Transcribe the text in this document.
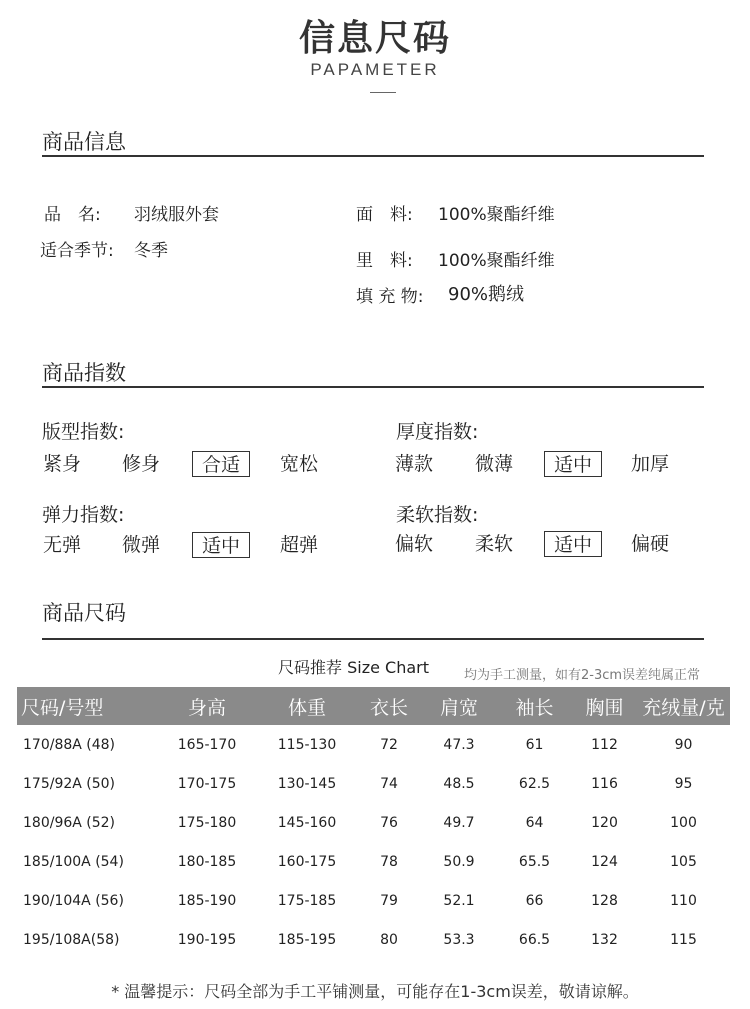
信息尺码
PAPAMETER
商品信息
品　名: 羽绒服外套
适合季节: 冬季
面　料: 100%聚酯纤维
里　料: 100%聚酯纤维
填 充 物: 90%鹅绒
商品指数
版型指数:
紧身	修身	合适	宽松
厚度指数:
薄款	微薄	适中	加厚
弹力指数:
无弹	微弹	适中	超弹
柔软指数:
偏软	柔软	适中	偏硬
商品尺码
尺码推荐 Size Chart	均为手工测量，如有2-3cm误差纯属正常
尺码/号型	身高	体重	衣长	肩宽	袖长	胸围	充绒量/克
170/88A (48)	165-170	115-130	72	47.3	61	112	90
175/92A (50)	170-175	130-145	74	48.5	62.5	116	95
180/96A (52)	175-180	145-160	76	49.7	64	120	100
185/100A (54)	180-185	160-175	78	50.9	65.5	124	105
190/104A (56)	185-190	175-185	79	52.1	66	128	110
195/108A(58)	190-195	185-195	80	53.3	66.5	132	115
* 温馨提示：尺码全部为手工平铺测量，可能存在1-3cm误差，敬请谅解。
